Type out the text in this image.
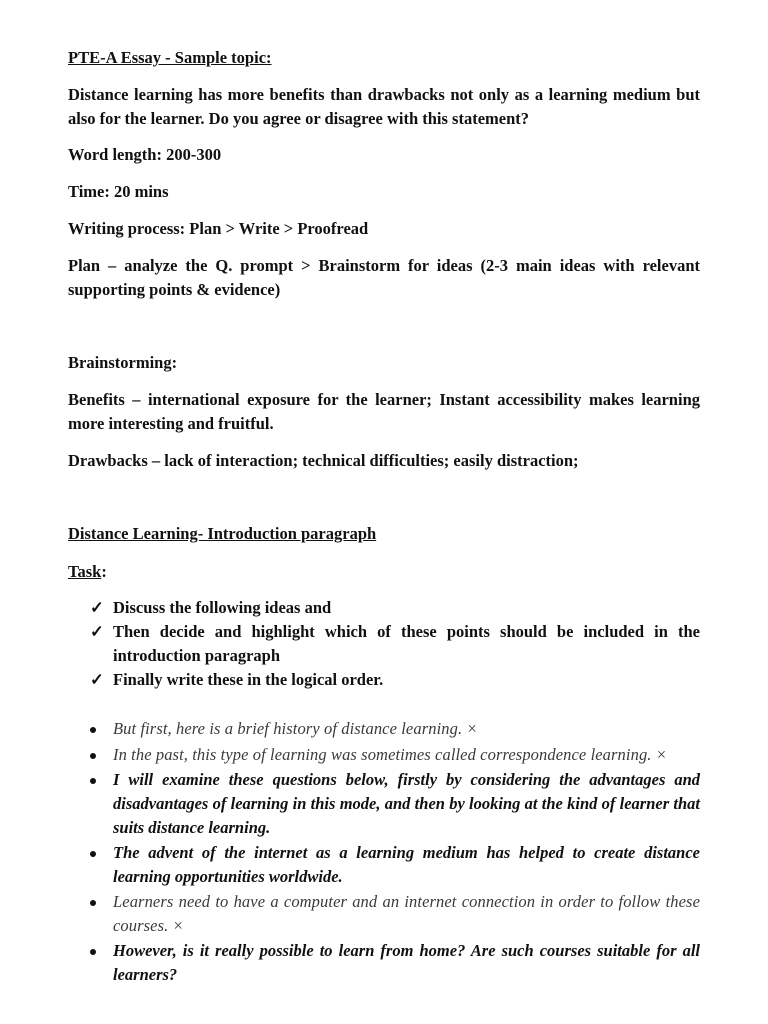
PTE-A Essay - Sample topic:
Distance learning has more benefits than drawbacks not only as a learning medium but also for the learner. Do you agree or disagree with this statement?
Word length: 200-300
Time: 20 mins
Writing process: Plan > Write > Proofread
Plan – analyze the Q. prompt > Brainstorm for ideas (2-3 main ideas with relevant supporting points & evidence)
Brainstorming:
Benefits – international exposure for the learner; Instant accessibility makes learning more interesting and fruitful.
Drawbacks – lack of interaction; technical difficulties; easily distraction;
Distance Learning- Introduction paragraph
Task:
✓ Discuss the following ideas and
✓ Then decide and highlight which of these points should be included in the introduction paragraph
✓ Finally write these in the logical order.
But first, here is a brief history of distance learning. ×
In the past, this type of learning was sometimes called correspondence learning. ×
I will examine these questions below, firstly by considering the advantages and disadvantages of learning in this mode, and then by looking at the kind of learner that suits distance learning.
The advent of the internet as a learning medium has helped to create distance learning opportunities worldwide.
Learners need to have a computer and an internet connection in order to follow these courses. ×
However, is it really possible to learn from home? Are such courses suitable for all learners?
